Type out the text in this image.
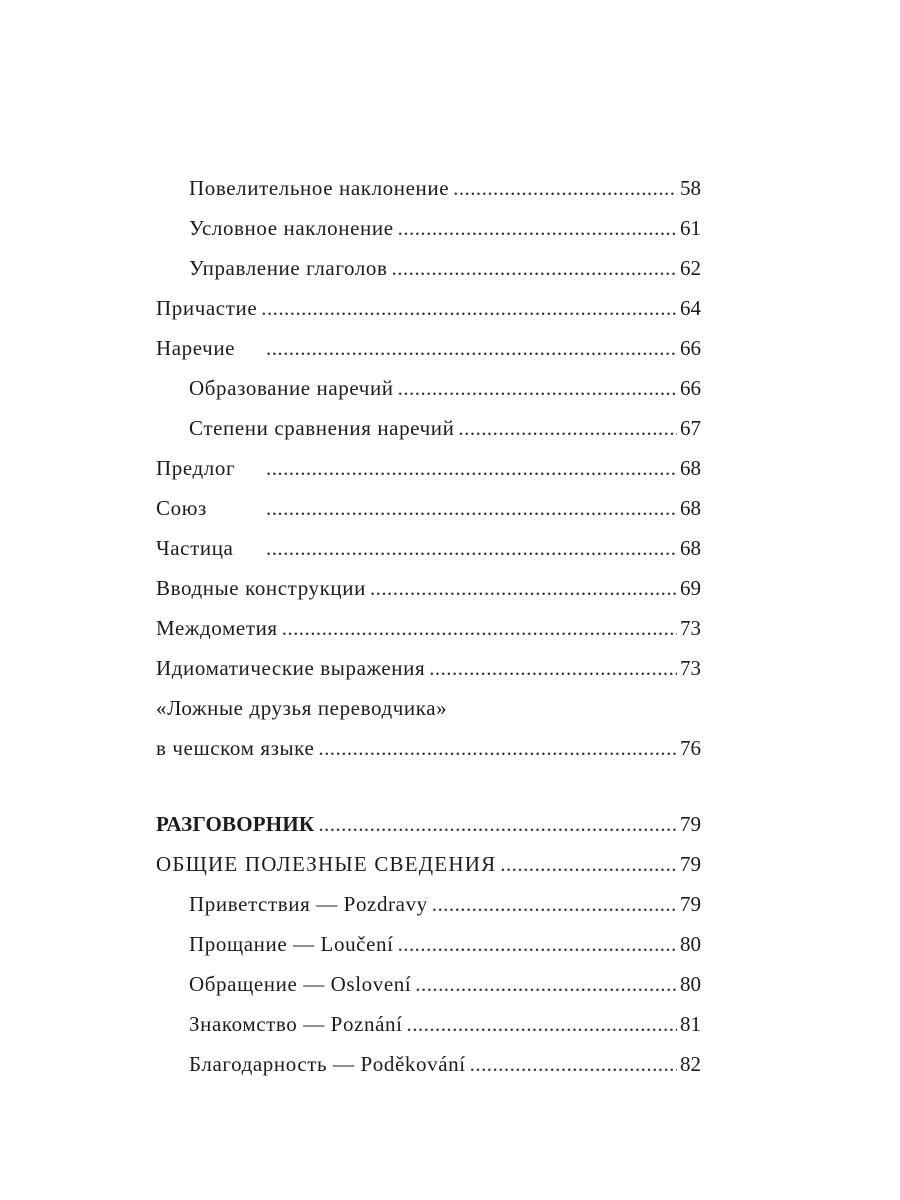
Повелительное наклонение . . .	58
Условное наклонение . . .	61
Управление глаголов . . .	62
Причастие . . .	64
Наречие . . .	66
Образование наречий . . .	66
Степени сравнения наречий . . .	67
Предлог . . .	68
Союз . . .	68
Частица . . .	68
Вводные конструкции . . .	69
Междометия . . .	73
Идиоматические выражения . . .	73
«Ложные друзья переводчика»
в чешском языке . . .	76
РАЗГОВОРНИК . . .	79
ОБЩИЕ ПОЛЕЗНЫЕ СВЕДЕНИЯ . . .	79
Приветствия — Pozdravy . . .	79
Прощание — Loučení . . .	80
Обращение — Oslovení . . .	80
Знакомство — Poznání . . .	81
Благодарность — Poděkování . . .	82
